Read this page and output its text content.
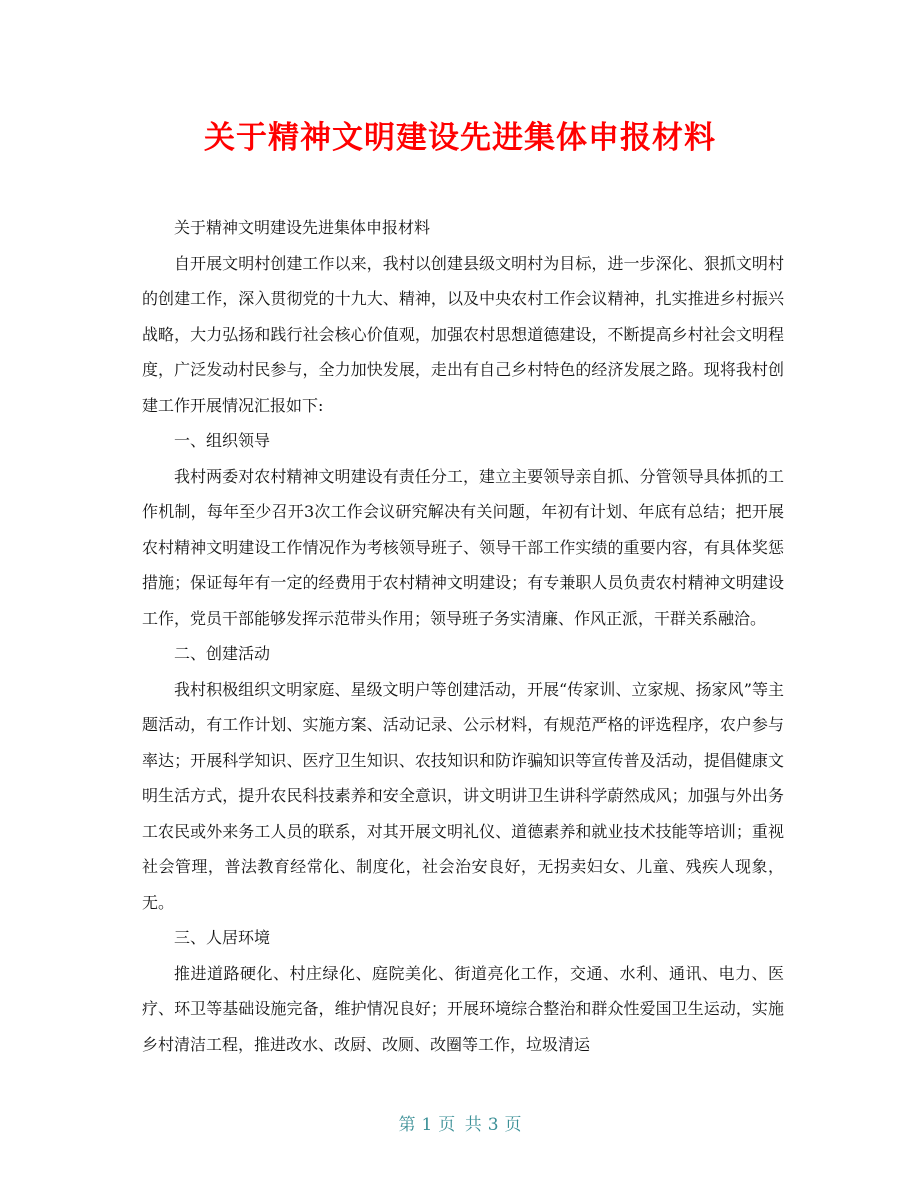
关于精神文明建设先进集体申报材料

关于精神文明建设先进集体申报材料

自开展文明村创建工作以来，我村以创建县级文明村为目标，进一步深化、狠抓文明村的创建工作，深入贯彻党的十九大、精神，以及中央农村工作会议精神，扎实推进乡村振兴战略，大力弘扬和践行社会核心价值观，加强农村思想道德建设，不断提高乡村社会文明程度，广泛发动村民参与，全力加快发展，走出有自己乡村特色的经济发展之路。现将我村创建工作开展情况汇报如下:

一、组织领导

我村两委对农村精神文明建设有责任分工，建立主要领导亲自抓、分管领导具体抓的工作机制，每年至少召开3次工作会议研究解决有关问题，年初有计划、年底有总结；把开展农村精神文明建设工作情况作为考核领导班子、领导干部工作实绩的重要内容，有具体奖惩措施；保证每年有一定的经费用于农村精神文明建设；有专兼职人员负责农村精神文明建设工作，党员干部能够发挥示范带头作用；领导班子务实清廉、作风正派，干群关系融洽。

二、创建活动

我村积极组织文明家庭、星级文明户等创建活动，开展“传家训、立家规、扬家风”等主题活动，有工作计划、实施方案、活动记录、公示材料，有规范严格的评选程序，农户参与率达；开展科学知识、医疗卫生知识、农技知识和防诈骗知识等宣传普及活动，提倡健康文明生活方式，提升农民科技素养和安全意识，讲文明讲卫生讲科学蔚然成风；加强与外出务工农民或外来务工人员的联系，对其开展文明礼仪、道德素养和就业技术技能等培训；重视社会管理，普法教育经常化、制度化，社会治安良好，无拐卖妇女、儿童、残疾人现象，无。

三、人居环境

推进道路硬化、村庄绿化、庭院美化、街道亮化工作，交通、水利、通讯、电力、医疗、环卫等基础设施完备，维护情况良好；开展环境综合整治和群众性爱国卫生运动，实施乡村清洁工程，推进改水、改厨、改厕、改圈等工作，垃圾清运

第 1 页 共 3 页
